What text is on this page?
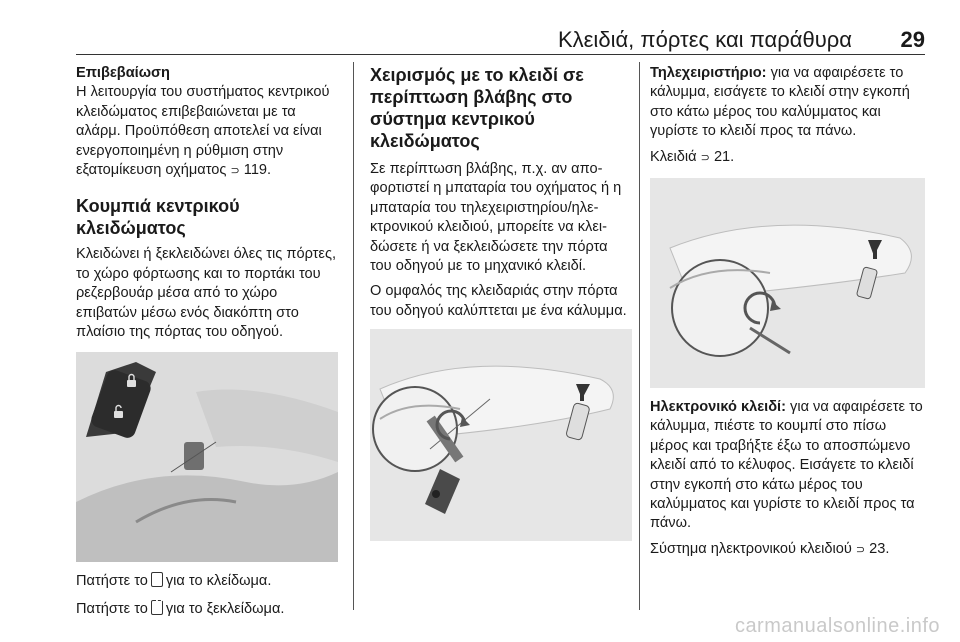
Κλειδιά, πόρτες και παράθυρα 29
Επιβεβαίωση

Η λειτουργία του συστήματος κεντρικού κλειδώματος επιβεβαιώνεται με τα αλάρμ. Προϋπόθεση αποτελεί να είναι ενεργοποιημένη η ρύθμιση στην εξατομίκευση οχήματος ⊃ 119.

Κουμπιά κεντρικού κλειδώματος

Κλειδώνει ή ξεκλειδώνει όλες τις πόρτες, το χώρο φόρτωσης και το πορτάκι του ρεζερβουάρ μέσα από το χώρο επιβατών μέσω ενός διακόπτη στο πλαίσιο της πόρτας του οδηγού.

Πατήστε το για το κλείδωμα.

Πατήστε το για το ξεκλείδωμα.

Χειρισμός με το κλειδί σε περίπτωση βλάβης στο σύστημα κεντρικού κλειδώματος

Σε περίπτωση βλάβης, π.χ. αν αποφορτιστεί η μπαταρία του οχήματος ή η μπαταρία του τηλεχειριστηρίου/ηλεκτρονικού κλειδιού, μπορείτε να κλειδώσετε ή να ξεκλειδώσετε την πόρτα του οδηγού με το μηχανικό κλειδί.

Ο ομφαλός της κλειδαριάς στην πόρτα του οδηγού καλύπτεται με ένα κάλυμμα.

Τηλεχειριστήριο: για να αφαιρέσετε το κάλυμμα, εισάγετε το κλειδί στην εγκοπή στο κάτω μέρος του καλύμματος και γυρίστε το κλειδί προς τα πάνω.

Κλειδιά ⊃ 21.

Ηλεκτρονικό κλειδί: για να αφαιρέσετε το κάλυμμα, πιέστε το κουμπί στο πίσω μέρος και τραβήξτε έξω το αποσπώμενο κλειδί από το κέλυφος. Εισάγετε το κλειδί στην εγκοπή στο κάτω μέρος του καλύμματος και γυρίστε το κλειδί προς τα πάνω.

Σύστημα ηλεκτρονικού κλειδιού ⊃ 23.

carmanualsonline.info
